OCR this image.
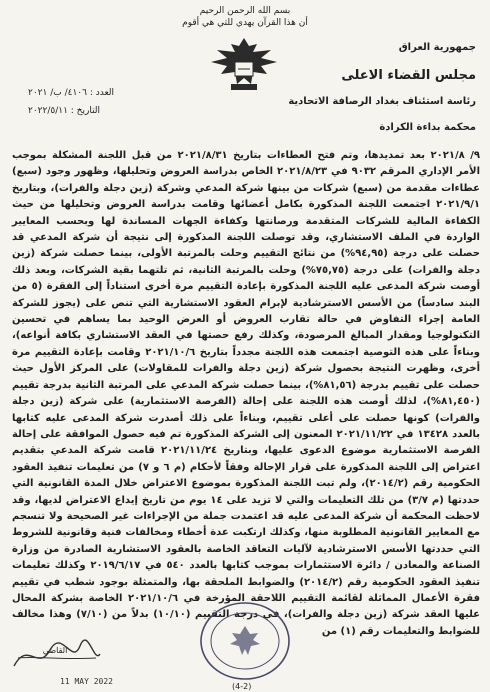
بسم الله الرحمن الرحيم
أن هذا القرآن يهدي للتي هي أقوم
جمهورية العراق
مجلس القضاء الاعلى
رئاسة استئناف بغداد الرصافة الاتحادية
محكمة بداءة الكرادة
العدد : ٤١٠٦/ ب/ ٢٠٢١
التاريخ : ٢٠٢٢/٥/١١
٩/ ٢٠٢١/٨ بعد تمديدها، وتم فتح العطاءات بتاريخ ٢٠٢١/٨/٣١ من قبل اللجنة المشكلة بموجب الأمر الإداري المرقم ٩٠٣٢ في ٢٠٢١/٨/٢٣ الخاص بدراسة العروض وتحليلها، وظهور وجود (سبع) عطاءات مقدمة من (سبع) شركات من بينها شركة المدعي وشركة (زين دجلة والفرات)، وبتاريخ ٢٠٢١/٩/١ اجتمعت اللجنة المذكورة بكامل أعضائها وقامت بدراسة العروض وتحليلها من حيث الكفاءة المالية للشركات المتقدمة ورصانتها وكفاءة الجهات المساندة لها وبحسب المعايير الواردة في الملف الاستشاري، وقد توصلت اللجنة المذكورة إلى نتيجة أن شركة المدعي قد حصلت على درجة (٩٤,٩٥%) من نتائج التقييم وحلت بالمرتبة الأولى، بينما حصلت شركة (زين دجلة والفرات) على درجة (٧٥,٧٥%) وحلت بالمرتبة الثانية، ثم تلتهما بقية الشركات، وبعد ذلك أوصت شركة المدعى عليه اللجنة المذكورة بإعادة التقييم مرة أخرى استناداً إلى الفقرة (٥ من البند سادساً) من الأسس الاسترشادية لإبرام العقود الاستشارية التي تنص على (يجوز للشركة العامة إجراء التفاوض في حالة تقارب العروض أو العرض الوحيد بما يساهم في تحسين التكنولوجيا ومقدار المبالغ المرصودة، وكذلك رفع حصتها في العقد الاستشاري بكافة أنواعه)، وبناءاً على هذه التوصية اجتمعت هذه اللجنة مجدداً بتاريخ ٢٠٢١/١٠/٦ وقامت بإعادة التقييم مرة أخرى، وظهرت النتيجة بحصول شركة (زين دجلة والفرات للمقاولات) على المركز الأول حيث حصلت على تقييم بدرجة (٨١,٥٦%)، بينما حصلت شركة المدعي على المرتبة الثانية بدرجة تقييم (٨١,٤٥٠%)، لذلك أوصت هذه اللجنة على إحالة (الفرصة الاستثمارية) على شركة (زين دجلة والفرات) كونها حصلت على أعلى تقييم، وبناءاً على ذلك أصدرت شركة المدعى عليه كتابها بالعدد ١٣٤٢٨ في ٢٠٢١/١١/٢٢ المعنون إلى الشركة المذكورة تم فيه حصول الموافقة على إحالة الفرصة الاستثمارية موضوع الدعوى عليها، وبتاريخ ٢٠٢١/١١/٢٤ قامت شركة المدعي بتقديم اعتراض إلى اللجنة المذكورة على قرار الإحالة وفقاً لأحكام (م ٦ و ٧) من تعليمات تنفيذ العقود الحكومية رقم (٢٠١٤/٢)، ولم تبت اللجنة المذكورة بموضوع الاعتراض خلال المدة القانونية التي حددتها (م ٣/٧) من تلك التعليمات والتي لا تزيد على ١٤ يوم من تاريخ إيداع الاعتراض لديها، وقد لاحظت المحكمة أن شركة المدعى عليه قد اعتمدت جملة من الإجراءات غير الصحيحة ولا تنسجم مع المعايير القانونية المطلوبة منها، وكذلك ارتكبت عدة أخطاء ومخالفات فنية وقانونية للشروط التي حددتها الأسس الاسترشادية لآليات التعاقد الخاصة بالعقود الاستشارية الصادرة من وزارة الصناعة والمعادن / دائرة الاستثمارات بموجب كتابها بالعدد ٥٤٠ في ٢٠١٩/٦/١٧ وكذلك تعليمات تنفيذ العقود الحكومية رقم (٢٠١٤/٢) والضوابط الملحقة بها، والمتمثلة بوجود شطب في تقييم فقرة الأعمال المماثلة لقائمة التقييم اللاحقة المؤرخة في ٢٠٢١/١٠/٦ الخاصة بشركة المحال عليها العقد شركة (زين دجلة والفرات)، في درجة التقييم (١٠/١٠) بدلاً من (٧/١٠) وهذا مخالف للضوابط والتعليمات رقم (١) من
القاضي
11 MAY 2022
(4-2)
